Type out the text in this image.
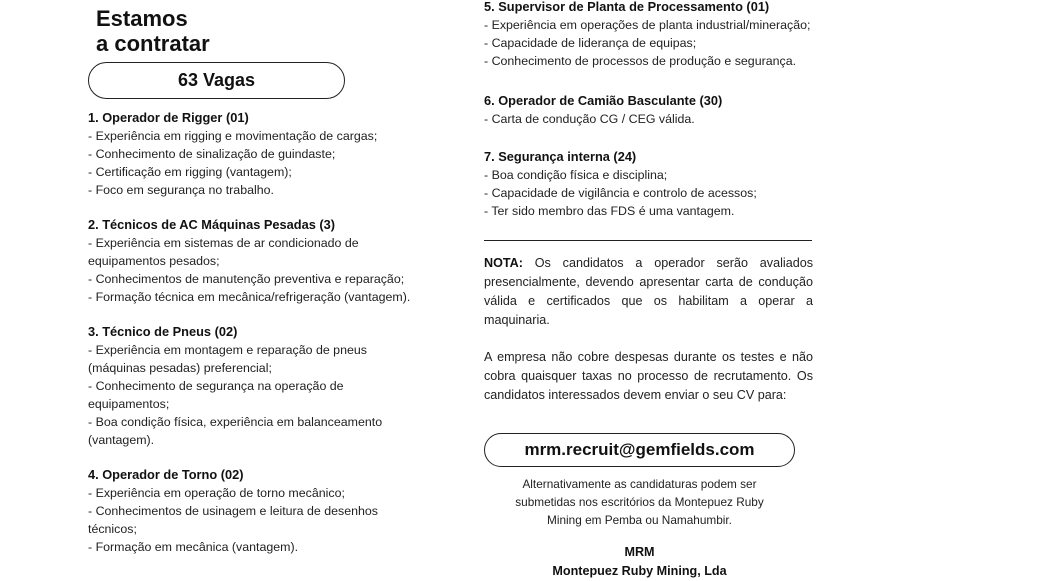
Estamos
a contratar
63 Vagas
1. Operador de Rigger (01)
- Experiência em rigging e movimentação de cargas;
- Conhecimento de sinalização de guindaste;
- Certificação em rigging (vantagem);
- Foco em segurança no trabalho.
2. Técnicos de AC Máquinas Pesadas (3)
- Experiência em sistemas de ar condicionado de
equipamentos pesados;
- Conhecimentos de manutenção preventiva e reparação;
- Formação técnica em mecânica/refrigeração (vantagem).
3. Técnico de Pneus (02)
- Experiência em montagem e reparação de pneus
(máquinas pesadas) preferencial;
- Conhecimento de segurança na operação de
equipamentos;
- Boa condição física, experiência em balanceamento
(vantagem).
4. Operador de Torno (02)
- Experiência em operação de torno mecânico;
- Conhecimentos de usinagem e leitura de desenhos
técnicos;
- Formação em mecânica (vantagem).
5. Supervisor de Planta de Processamento (01)
- Experiência em operações de planta industrial/mineração;
- Capacidade de liderança de equipas;
- Conhecimento de processos de produção e segurança.
6. Operador de Camião Basculante (30)
- Carta de condução CG / CEG válida.
7. Segurança interna (24)
- Boa condição física e disciplina;
- Capacidade de vigilância e controlo de acessos;
- Ter sido membro das FDS é uma vantagem.
NOTA: Os candidatos a operador serão avaliados presencialmente, devendo apresentar carta de condução válida e certificados que os habilitam a operar a maquinaria.
A empresa não cobre despesas durante os testes e não cobra quaisquer taxas no processo de recrutamento. Os candidatos interessados devem enviar o seu CV para:
mrm.recruit@gemfields.com
Alternativamente as candidaturas podem ser
submetidas nos escritórios da Montepuez Ruby
Mining em Pemba ou Namahumbir.
MRM
Montepuez Ruby Mining, Lda
